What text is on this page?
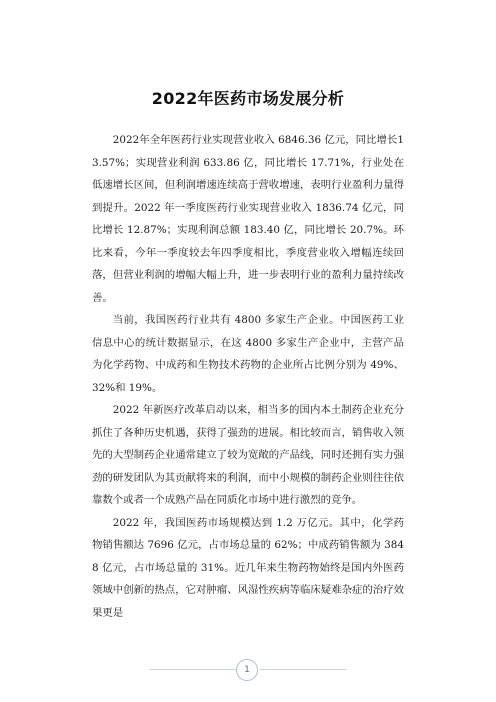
2022年医药市场发展分析

2022年全年医药行业实现营业收入 6846.36 亿元，同比增长13.57%；实现营业利润 633.86 亿，同比增长 17.71%，行业处在低速增长区间，但利润增速连续高于营收增速，表明行业盈利力量得到提升。2022 年一季度医药行业实现营业收入 1836.74 亿元，同比增长 12.87%；实现利润总额 183.40 亿，同比增长 20.7%。环比来看，今年一季度较去年四季度相比，季度营业收入增幅连续回落，但营业利润的增幅大幅上升，进一步表明行业的盈利力量持续改善。

当前，我国医药行业共有 4800 多家生产企业。中国医药工业信息中心的统计数据显示，在这 4800 多家生产企业中，主营产品为化学药物、中成药和生物技术药物的企业所占比例分别为 49%、32%和 19%。

2022 年新医疗改革启动以来，相当多的国内本土制药企业充分抓住了各种历史机遇，获得了强劲的进展。相比较而言，销售收入领先的大型制药企业通常建立了较为宽敞的产品线，同时还拥有实力强劲的研发团队为其贡献将来的利润，而中小规模的制药企业则往往依靠数个或者一个成熟产品在同质化市场中进行激烈的竞争。

2022 年，我国医药市场规模达到 1.2 万亿元。其中，化学药物销售额达 7696 亿元，占市场总量的 62%；中成药销售额为 3848 亿元，占市场总量的 31%。近几年来生物药物始终是国内外医药领域中创新的热点，它对肿瘤、风湿性疾病等临床疑难杂症的治疗效果更是

1
